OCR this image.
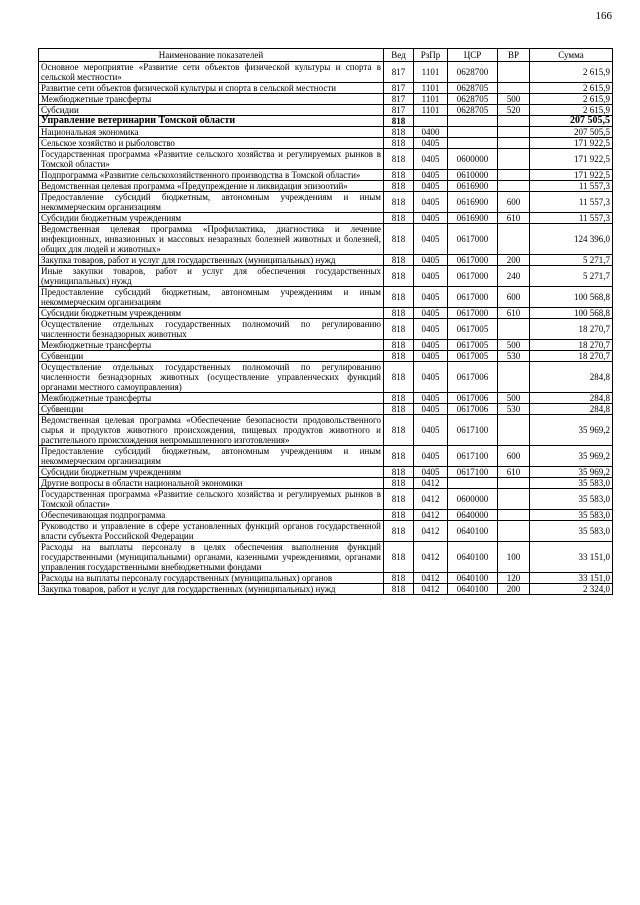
166
Наименование показателей	Вед	РзПр	ЦСР	ВР	Сумма
Основное мероприятие «Развитие сети объектов физической культуры и спорта в сельской местности»	817	1101	0628700		2 615,9
Развитие сети объектов физической культуры и спорта в сельской местности	817	1101	0628705		2 615,9
Межбюджетные трансферты	817	1101	0628705	500	2 615,9
Субсидии	817	1101	0628705	520	2 615,9
Управление ветеринарии Томской области	818				207 505,5
Национальная экономика	818	0400			207 505,5
Сельское хозяйство и рыболовство	818	0405			171 922,5
Государственная программа «Развитие сельского хозяйства и регулируемых рынков в Томской области»	818	0405	0600000		171 922,5
Подпрограмма «Развитие сельскохозяйственного производства в Томской области»	818	0405	0610000		171 922,5
Ведомственная целевая программа «Предупреждение и ликвидация эпизоотий»	818	0405	0616900		11 557,3
Предоставление субсидий бюджетным, автономным учреждениям и иным некоммерческим организациям	818	0405	0616900	600	11 557,3
Субсидии бюджетным учреждениям	818	0405	0616900	610	11 557,3
Ведомственная целевая программа «Профилактика, диагностика и лечение инфекционных, инвазионных и массовых незаразных болезней животных и болезней, общих для людей и животных»	818	0405	0617000		124 396,0
Закупка товаров, работ и услуг для государственных (муниципальных) нужд	818	0405	0617000	200	5 271,7
Иные закупки товаров, работ и услуг для обеспечения государственных (муниципальных) нужд	818	0405	0617000	240	5 271,7
Предоставление субсидий бюджетным, автономным учреждениям и иным некоммерческим организациям	818	0405	0617000	600	100 568,8
Субсидии бюджетным учреждениям	818	0405	0617000	610	100 568,8
Осуществление отдельных государственных полномочий по регулированию численности безнадзорных животных	818	0405	0617005		18 270,7
Межбюджетные трансферты	818	0405	0617005	500	18 270,7
Субвенции	818	0405	0617005	530	18 270,7
Осуществление отдельных государственных полномочий по регулированию численности безнадзорных животных (осуществление управленческих функций органами местного самоуправления)	818	0405	0617006		284,8
Межбюджетные трансферты	818	0405	0617006	500	284,8
Субвенции	818	0405	0617006	530	284,8
Ведомственная целевая программа «Обеспечение безопасности продовольственного сырья и продуктов животного происхождения, пищевых продуктов животного и растительного происхождения непромышленного изготовления»	818	0405	0617100		35 969,2
Предоставление субсидий бюджетным, автономным учреждениям и иным некоммерческим организациям	818	0405	0617100	600	35 969,2
Субсидии бюджетным учреждениям	818	0405	0617100	610	35 969,2
Другие вопросы в области национальной экономики	818	0412			35 583,0
Государственная программа «Развитие сельского хозяйства и регулируемых рынков в Томской области»	818	0412	0600000		35 583,0
Обеспечивающая подпрограмма	818	0412	0640000		35 583,0
Руководство и управление в сфере установленных функций органов государственной власти субъекта Российской Федерации	818	0412	0640100		35 583,0
Расходы на выплаты персоналу в целях обеспечения выполнения функций государственными (муниципальными) органами, казенными учреждениями, органами управления государственными внебюджетными фондами	818	0412	0640100	100	33 151,0
Расходы на выплаты персоналу государственных (муниципальных) органов	818	0412	0640100	120	33 151,0
Закупка товаров, работ и услуг для государственных (муниципальных) нужд	818	0412	0640100	200	2 324,0
